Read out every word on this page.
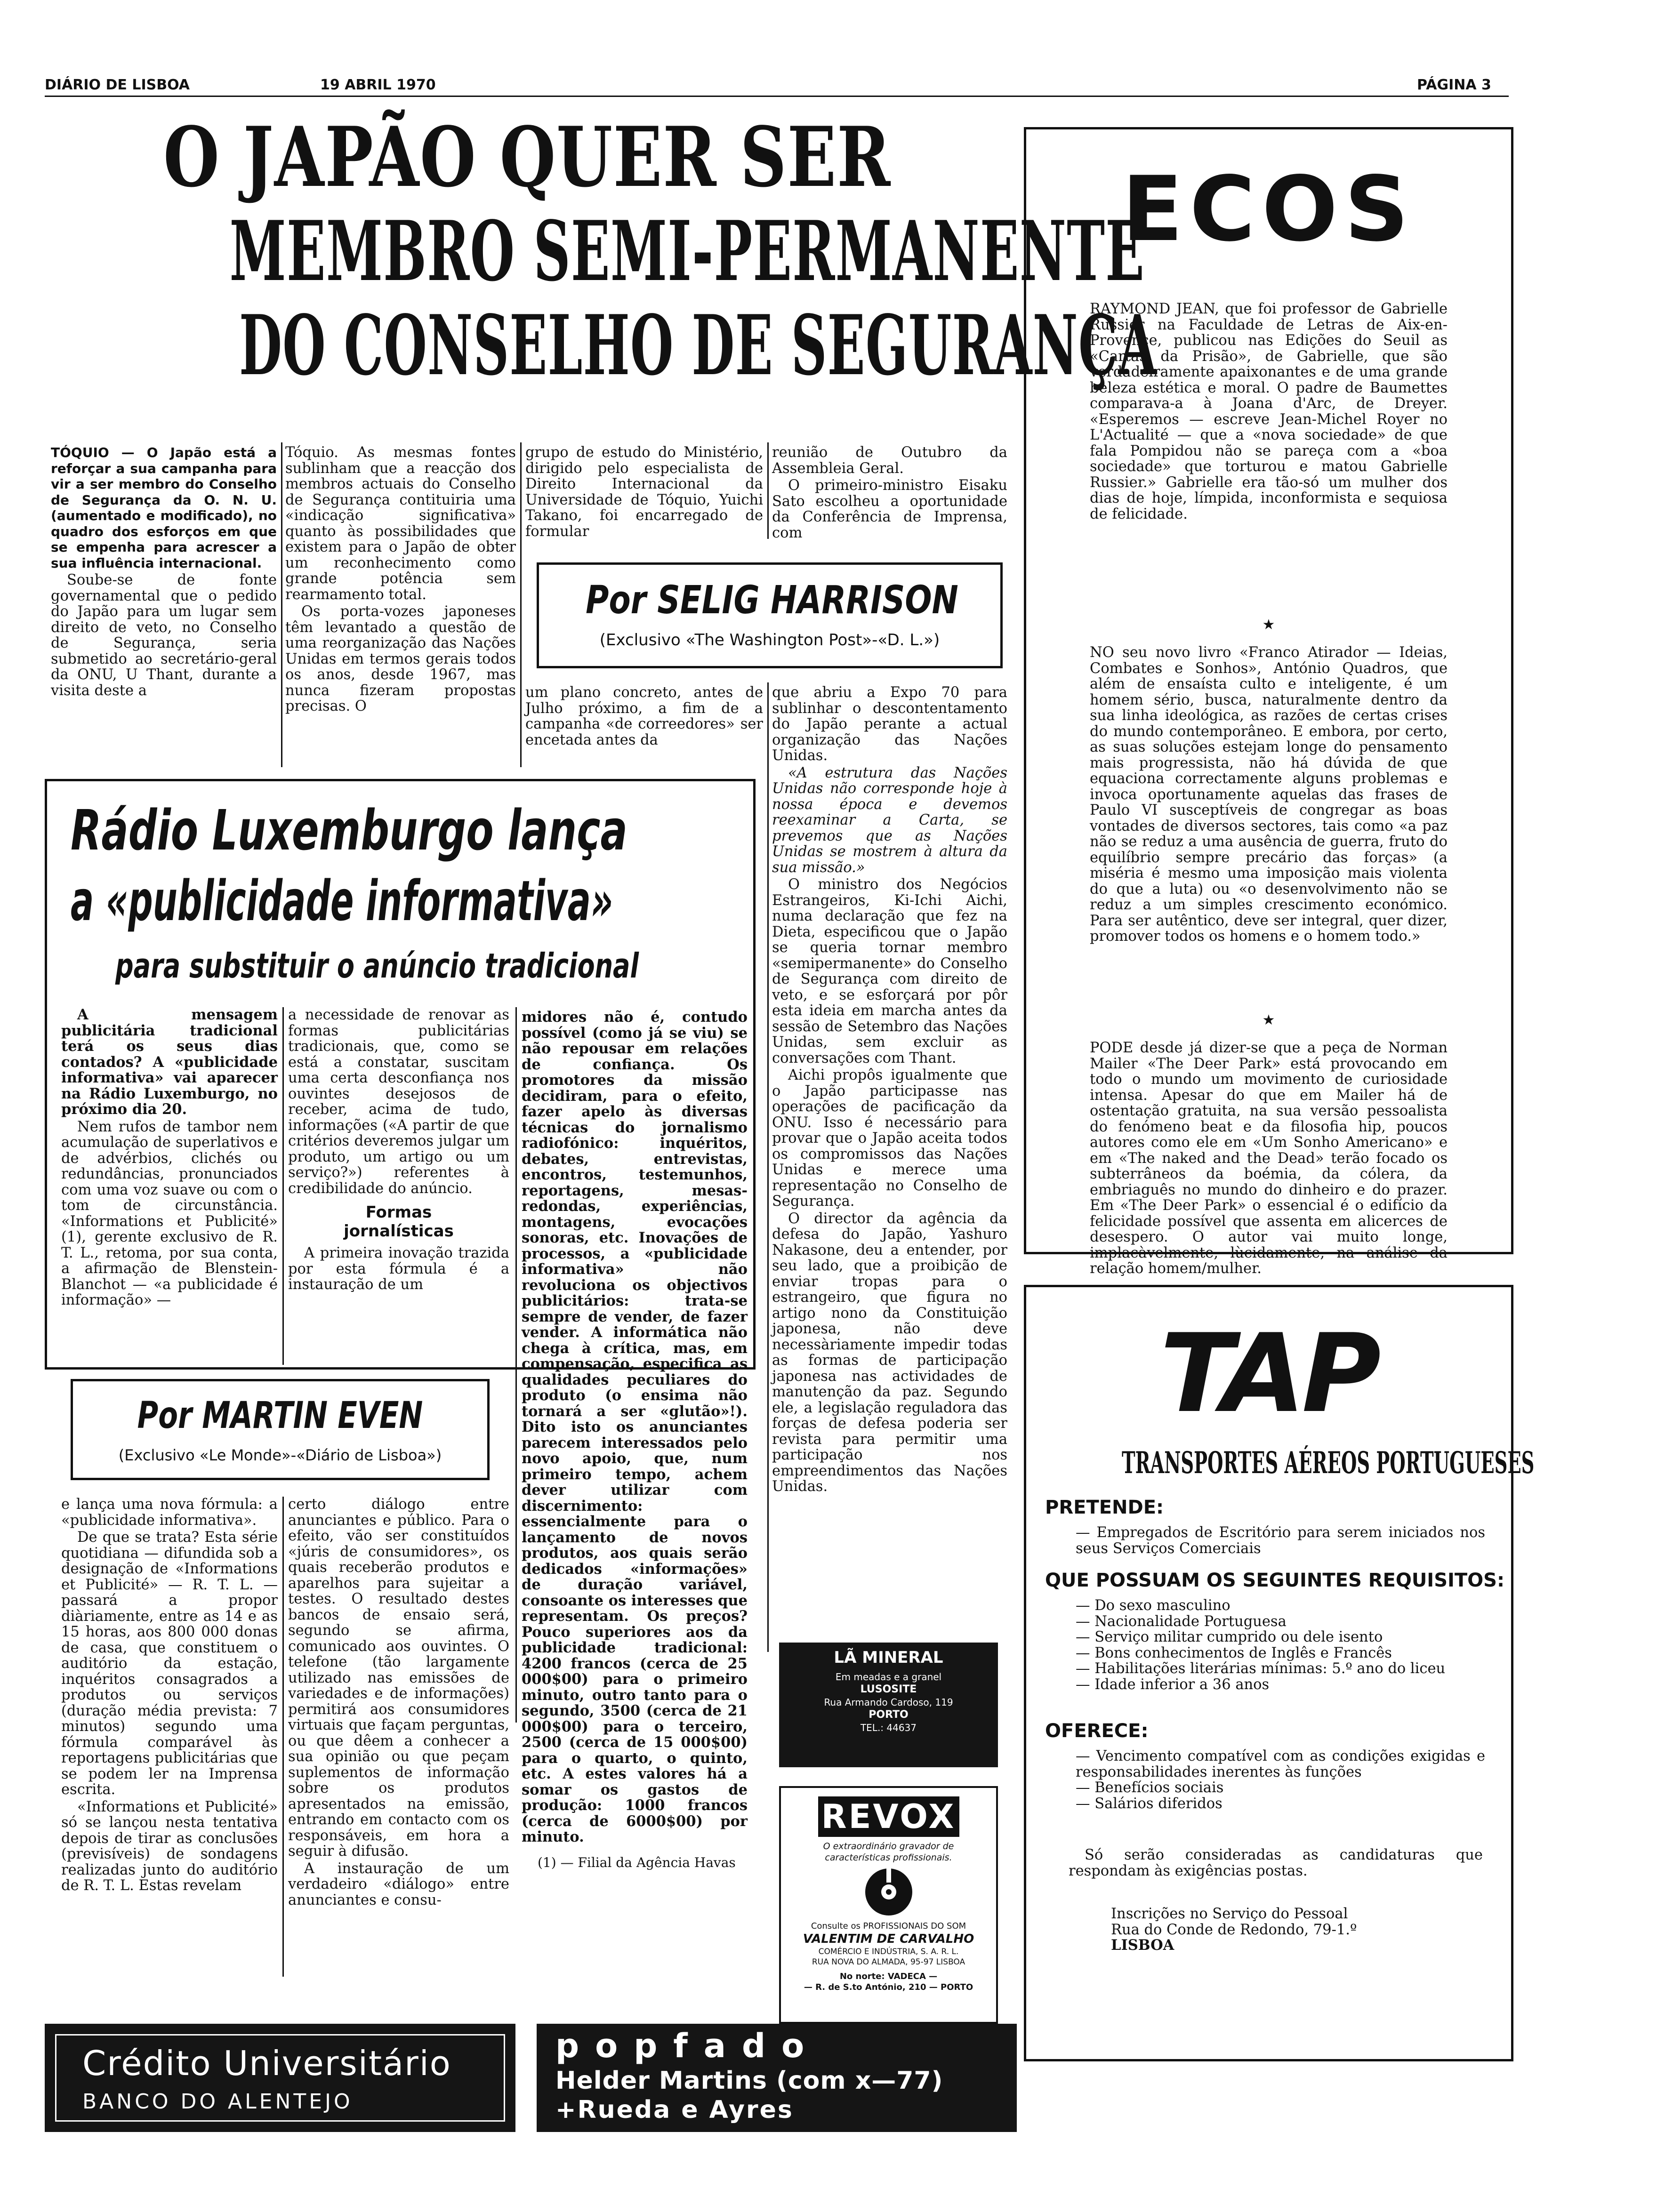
DIÁRIO DE LISBOA	19 ABRIL 1970	PÁGINA 3
O JAPÃO QUER SER
MEMBRO SEMI-PERMANENTE
DO CONSELHO DE SEGURANÇA

TÓQUIO — O Japão está a reforçar a sua campanha para vir a ser membro do Conselho de Segurança da O. N. U. (aumentado e modificado), no quadro dos esforços em que se empenha para acrescer a sua influência internacional.

Soube-se de fonte governamental que o pedido do Japão para um lugar sem direito de veto, no Conselho de Segurança, seria submetido ao secretário-geral da ONU, U Thant, durante a visita deste a

Tóquio. As mesmas fontes sublinham que a reacção dos membros actuais do Conselho de Segurança contituiria uma «indicação significativa» quanto às possibilidades que existem para o Japão de obter um reconhecimento como grande potência sem rearmamento total.

Os porta-vozes japoneses têm levantado a questão de uma reorganização das Nações Unidas em termos gerais todos os anos, desde 1967, mas nunca fizeram propostas precisas. O

grupo de estudo do Ministério, dirigido pelo especialista de Direito Internacional da Universidade de Tóquio, Yuichi Takano, foi encarregado de formular

reunião de Outubro da Assembleia Geral.

O primeiro-ministro Eisaku Sato escolheu a oportunidade da Conferência de Imprensa, com

Por SELIG HARRISON
(Exclusivo «The Washington Post»-«D. L.»)

um plano concreto, antes de Julho próximo, a fim de a campanha «de correedores» ser encetada antes da

que abriu a Expo 70 para sublinhar o descontentamento do Japão perante a actual organização das Nações Unidas.

«A estrutura das Nações Unidas não corresponde hoje à nossa época e devemos reexaminar a Carta, se prevemos que as Nações Unidas se mostrem à altura da sua missão.»

O ministro dos Negócios Estrangeiros, Ki-Ichi Aichi, numa declaração que fez na Dieta, especificou que o Japão se queria tornar membro «semipermanente» do Conselho de Segurança com direito de veto, e se esforçará por pôr esta ideia em marcha antes da sessão de Setembro das Nações Unidas, sem excluir as conversações com Thant.

Aichi propôs igualmente que o Japão participasse nas operações de pacificação da ONU. Isso é necessário para provar que o Japão aceita todos os compromissos das Nações Unidas e merece uma representação no Conselho de Segurança.

O director da agência da defesa do Japão, Yashuro Nakasone, deu a entender, por seu lado, que a proibição de enviar tropas para o estrangeiro, que figura no artigo nono da Constituição japonesa, não deve necessàriamente impedir todas as formas de participação japonesa nas actividades de manutenção da paz. Segundo ele, a legislação reguladora das forças de defesa poderia ser revista para permitir uma participação nos empreendimentos das Nações Unidas.

Rádio Luxemburgo lança
a «publicidade informativa»
para substituir o anúncio tradicional

A mensagem publicitária tradicional terá os seus dias contados? A «publicidade informativa» vai aparecer na Rádio Luxemburgo, no próximo dia 20.

Nem rufos de tambor nem acumulação de superlativos e de advérbios, clichés ou redundâncias, pronunciados com uma voz suave ou com o tom de circunstância. «Informations et Publicité» (1), gerente exclusivo de R. T. L., retoma, por sua conta, a afirmação de Blenstein-Blanchot — «a publicidade é informação» —

a necessidade de renovar as formas publicitárias tradicionais, que, como se está a constatar, suscitam uma certa desconfiança nos ouvintes desejosos de receber, acima de tudo, informações («A partir de que critérios deveremos julgar um produto, um artigo ou um serviço?») referentes à credibilidade do anúncio.

Formas
jornalísticas

A primeira inovação trazida por esta fórmula é a instauração de um

midores não é, contudo possível (como já se viu) se não repousar em relações de confiança. Os promotores da missão decidiram, para o efeito, fazer apelo às diversas técnicas do jornalismo radiofónico: inquéritos, debates, entrevistas, encontros, testemunhos, reportagens, mesas-redondas, experiências, montagens, evocações sonoras, etc. Inovações de processos, a «publicidade informativa» não revoluciona os objectivos publicitários: trata-se sempre de vender, de fazer vender. A informática não chega à crítica, mas, em compensação, especifica as qualidades peculiares do produto (o ensima não tornará a ser «glutão»!). Dito isto os anunciantes parecem interessados pelo novo apoio, que, num primeiro tempo, achem dever utilizar com discernimento: essencialmente para o lançamento de novos produtos, aos quais serão dedicados «informações» de duração variável, consoante os interesses que representam. Os preços? Pouco superiores aos da publicidade tradicional: 4200 francos (cerca de 25 000$00) para o primeiro minuto, outro tanto para o segundo, 3500 (cerca de 21 000$00) para o terceiro, 2500 (cerca de 15 000$00) para o quarto, o quinto, etc. A estes valores há a somar os gastos de produção: 1000 francos (cerca de 6000$00) por minuto.

(1) — Filial da Agência Havas

Por MARTIN EVEN
(Exclusivo «Le Monde»-«Diário de Lisboa»)

e lança uma nova fórmula: a «publicidade informativa».

De que se trata? Esta série quotidiana — difundida sob a designação de «Informations et Publicité» — R. T. L. — passará a propor diàriamente, entre as 14 e as 15 horas, aos 800 000 donas de casa, que constituem o auditório da estação, inquéritos consagrados a produtos ou serviços (duração média prevista: 7 minutos) segundo uma fórmula comparável às reportagens publicitárias que se podem ler na Imprensa escrita.

«Informations et Publicité» só se lançou nesta tentativa depois de tirar as conclusões (previsíveis) de sondagens realizadas junto do auditório de R. T. L. Estas revelam

certo diálogo entre anunciantes e público. Para o efeito, vão ser constituídos «júris de consumidores», os quais receberão produtos e aparelhos para sujeitar a testes. O resultado destes bancos de ensaio será, segundo se afirma, comunicado aos ouvintes. O telefone (tão largamente utilizado nas emissões de variedades e de informações) permitirá aos consumidores virtuais que façam perguntas, ou que dêem a conhecer a sua opinião ou que peçam suplementos de informação sobre os produtos apresentados na emissão, entrando em contacto com os responsáveis, em hora a seguir à difusão.

A instauração de um verdadeiro «diálogo» entre anunciantes e consu-

ECOS

RAYMOND JEAN, que foi professor de Gabrielle Russier na Faculdade de Letras de Aix-en-Provence, publicou nas Edições do Seuil as «Cartas da Prisão», de Gabrielle, que são verdadeiramente apaixonantes e de uma grande beleza estética e moral. O padre de Baumettes comparava-a à Joana d'Arc, de Dreyer. «Esperemos — escreve Jean-Michel Royer no L'Actualité — que a «nova sociedade» de que fala Pompidou não se pareça com a «boa sociedade» que torturou e matou Gabrielle Russier.» Gabrielle era tão-só um mulher dos dias de hoje, límpida, inconformista e sequiosa de felicidade.

★

NO seu novo livro «Franco Atirador — Ideias, Combates e Sonhos», António Quadros, que além de ensaísta culto e inteligente, é um homem sério, busca, naturalmente dentro da sua linha ideológica, as razões de certas crises do mundo contemporâneo. E embora, por certo, as suas soluções estejam longe do pensamento mais progressista, não há dúvida de que equaciona correctamente alguns problemas e invoca oportunamente aquelas das frases de Paulo VI susceptíveis de congregar as boas vontades de diversos sectores, tais como «a paz não se reduz a uma ausência de guerra, fruto do equilíbrio sempre precário das forças» (a miséria é mesmo uma imposição mais violenta do que a luta) ou «o desenvolvimento não se reduz a um simples crescimento económico. Para ser autêntico, deve ser integral, quer dizer, promover todos os homens e o homem todo.»

★

PODE desde já dizer-se que a peça de Norman Mailer «The Deer Park» está provocando em todo o mundo um movimento de curiosidade intensa. Apesar do que em Mailer há de ostentação gratuita, na sua versão pessoalista do fenómeno beat e da filosofia hip, poucos autores como ele em «Um Sonho Americano» e em «The naked and the Dead» terão focado os subterrâneos da boémia, da cólera, da embriaguês no mundo do dinheiro e do prazer. Em «The Deer Park» o essencial é o edifício da felicidade possível que assenta em alicerces de desespero. O autor vai muito longe, implacàvelmente, lùcidamente, na análise da relação homem/mulher.

TAP
TRANSPORTES AÉREOS PORTUGUESES
PRETENDE:

— Empregados de Escritório para serem iniciados nos seus Serviços Comerciais

QUE POSSUAM OS SEGUINTES REQUISITOS:
— Do sexo masculino
— Nacionalidade Portuguesa
— Serviço militar cumprido ou dele isento
— Bons conhecimentos de Inglês e Francês
— Habilitações literárias mínimas: 5.º ano do liceu
— Idade inferior a 36 anos
OFERECE:
— Vencimento compatível com as condições exigidas e responsabilidades inerentes às funções
— Benefícios sociais
— Salários diferidos

Só serão consideradas as candidaturas que respondam às exigências postas.

Inscrições no Serviço do Pessoal
Rua do Conde de Redondo, 79-1.º
LISBOA
LÃ MINERAL
Em meadas e a granel
LUSOSITE
Rua Armando Cardoso, 119
PORTO
TEL.: 44637
REVOX
O extraordinário gravador de
características profissionais.
Consulte os PROFISSIONAIS DO SOM
VALENTIM DE CARVALHO
COMÉRCIO E INDÚSTRIA, S. A. R. L.
RUA NOVA DO ALMADA, 95-97 LISBOA
No norte: VADECA —
— R. de S.to António, 210 — PORTO
Crédito Universitário
BANCO DO ALENTEJO
popfado
Helder Martins (com x—77)
+Rueda e Ayres
